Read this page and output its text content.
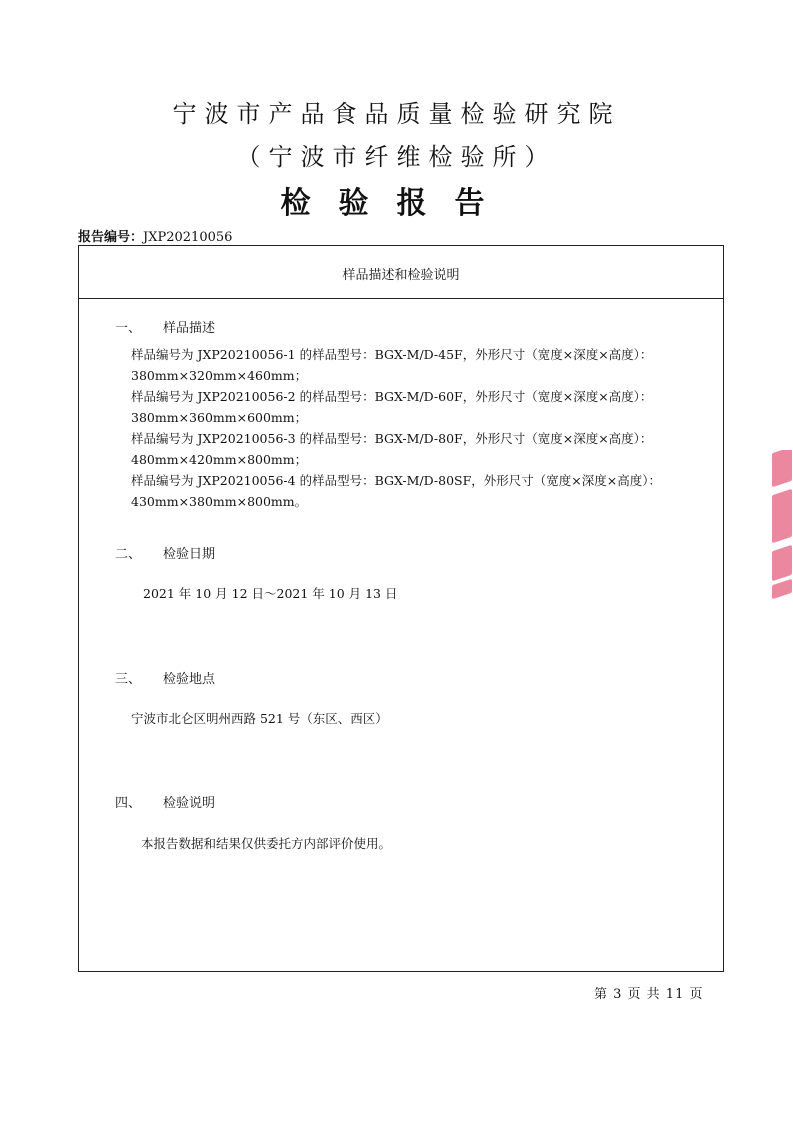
宁波市产品食品质量检验研究院
（宁波市纤维检验所）
检验报告
报告编号：JXP20210056
样品描述和检验说明
一、 样品描述
样品编号为 JXP20210056-1 的样品型号：BGX-M/D-45F，外形尺寸（宽度×深度×高度）：
380mm×320mm×460mm；
样品编号为 JXP20210056-2 的样品型号：BGX-M/D-60F，外形尺寸（宽度×深度×高度）：
380mm×360mm×600mm；
样品编号为 JXP20210056-3 的样品型号：BGX-M/D-80F，外形尺寸（宽度×深度×高度）：
480mm×420mm×800mm；
样品编号为 JXP20210056-4 的样品型号：BGX-M/D-80SF，外形尺寸（宽度×深度×高度）：
430mm×380mm×800mm。
二、 检验日期
2021 年 10 月 12 日～2021 年 10 月 13 日
三、 检验地点
宁波市北仑区明州西路 521 号（东区、西区）
四、 检验说明
本报告数据和结果仅供委托方内部评价使用。
第 3 页 共 11 页
